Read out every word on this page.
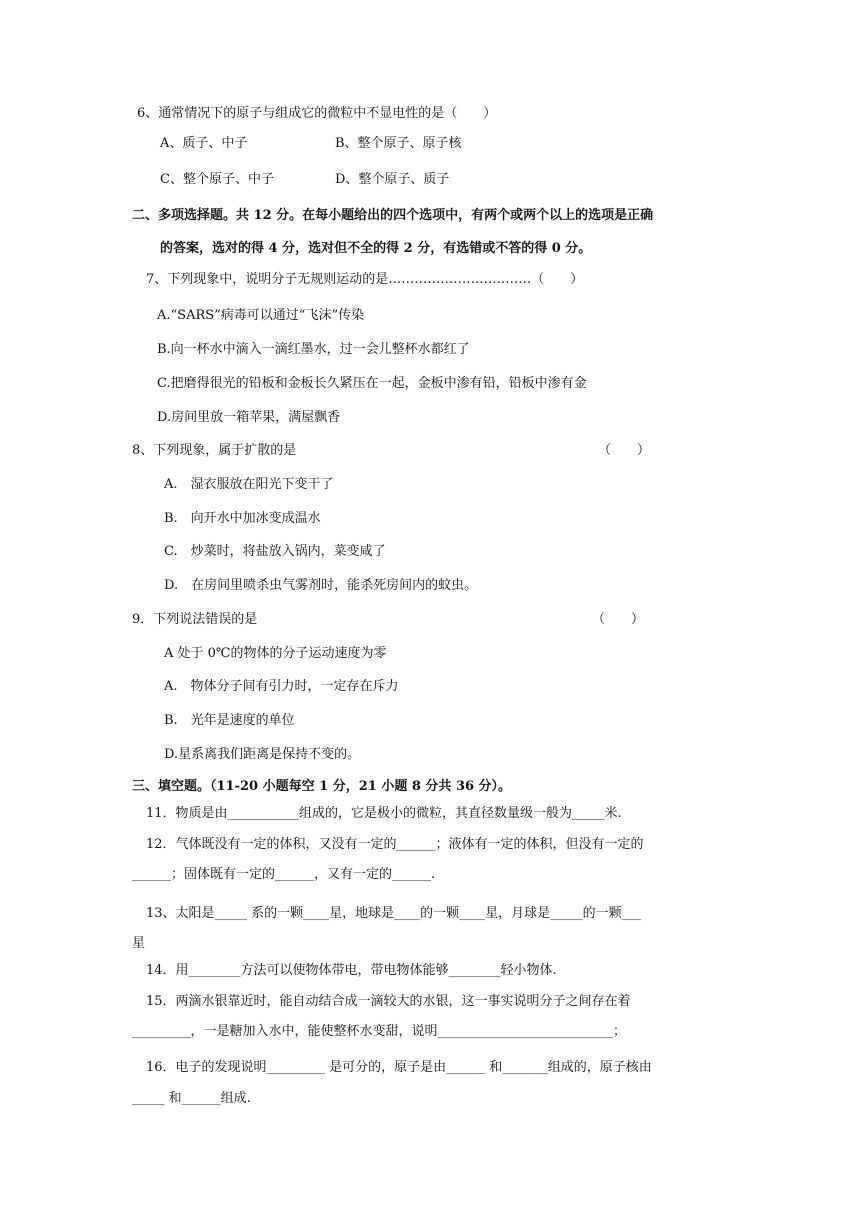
6、通常情况下的原子与组成它的微粒中不显电性的是（　　）
A、质子、中子	B、整个原子、原子核
C、整个原子、中子	D、整个原子、质子
二、多项选择题。共 12 分。在每小题给出的四个选项中，有两个或两个以上的选项是正确
的答案，选对的得 4 分，选对但不全的得 2 分，有选错或不答的得 0 分。
7、下列现象中，说明分子无规则运动的是……………………………（　　）
A.“SARS”病毒可以通过“飞沫”传染
B.向一杯水中滴入一滴红墨水，过一会儿整杯水都红了
C.把磨得很光的铅板和金板长久紧压在一起，金板中渗有铅，铅板中渗有金
D.房间里放一箱苹果，满屋飘香
8、下列现象，属于扩散的是	（　　）
A.　湿衣服放在阳光下变干了
B.　向开水中加冰变成温水
C.　炒菜时，将盐放入锅内，菜变咸了
D.　在房间里喷杀虫气雾剂时，能杀死房间内的蚊虫。
9．下列说法错误的是	（　　）
A 处于 0℃的物体的分子运动速度为零
A.　物体分子间有引力时，一定存在斥力
B.　光年是速度的单位
D.星系离我们距离是保持不变的。
三、填空题。（11-20 小题每空 1 分，21 小题 8 分共 36 分）。
11．物质是由___________组成的，它是极小的微粒，其直径数量级一般为_____米.
12．气体既没有一定的体积，又没有一定的______；液体有一定的体积，但没有一定的
______；固体既有一定的______，又有一定的______.
13、太阳是_____ 系的一颗____星，地球是____的一颗____星，月球是_____的一颗___
星
14．用________方法可以使物体带电，带电物体能够________轻小物体.
15．两滴水银靠近时，能自动结合成一滴较大的水银，这一事实说明分子之间存在着
_________，一是糖加入水中，能使整杯水变甜，说明___________________________；
16．电子的发现说明_________ 是可分的，原子是由______ 和_______组成的，原子核由
_____ 和______组成.
